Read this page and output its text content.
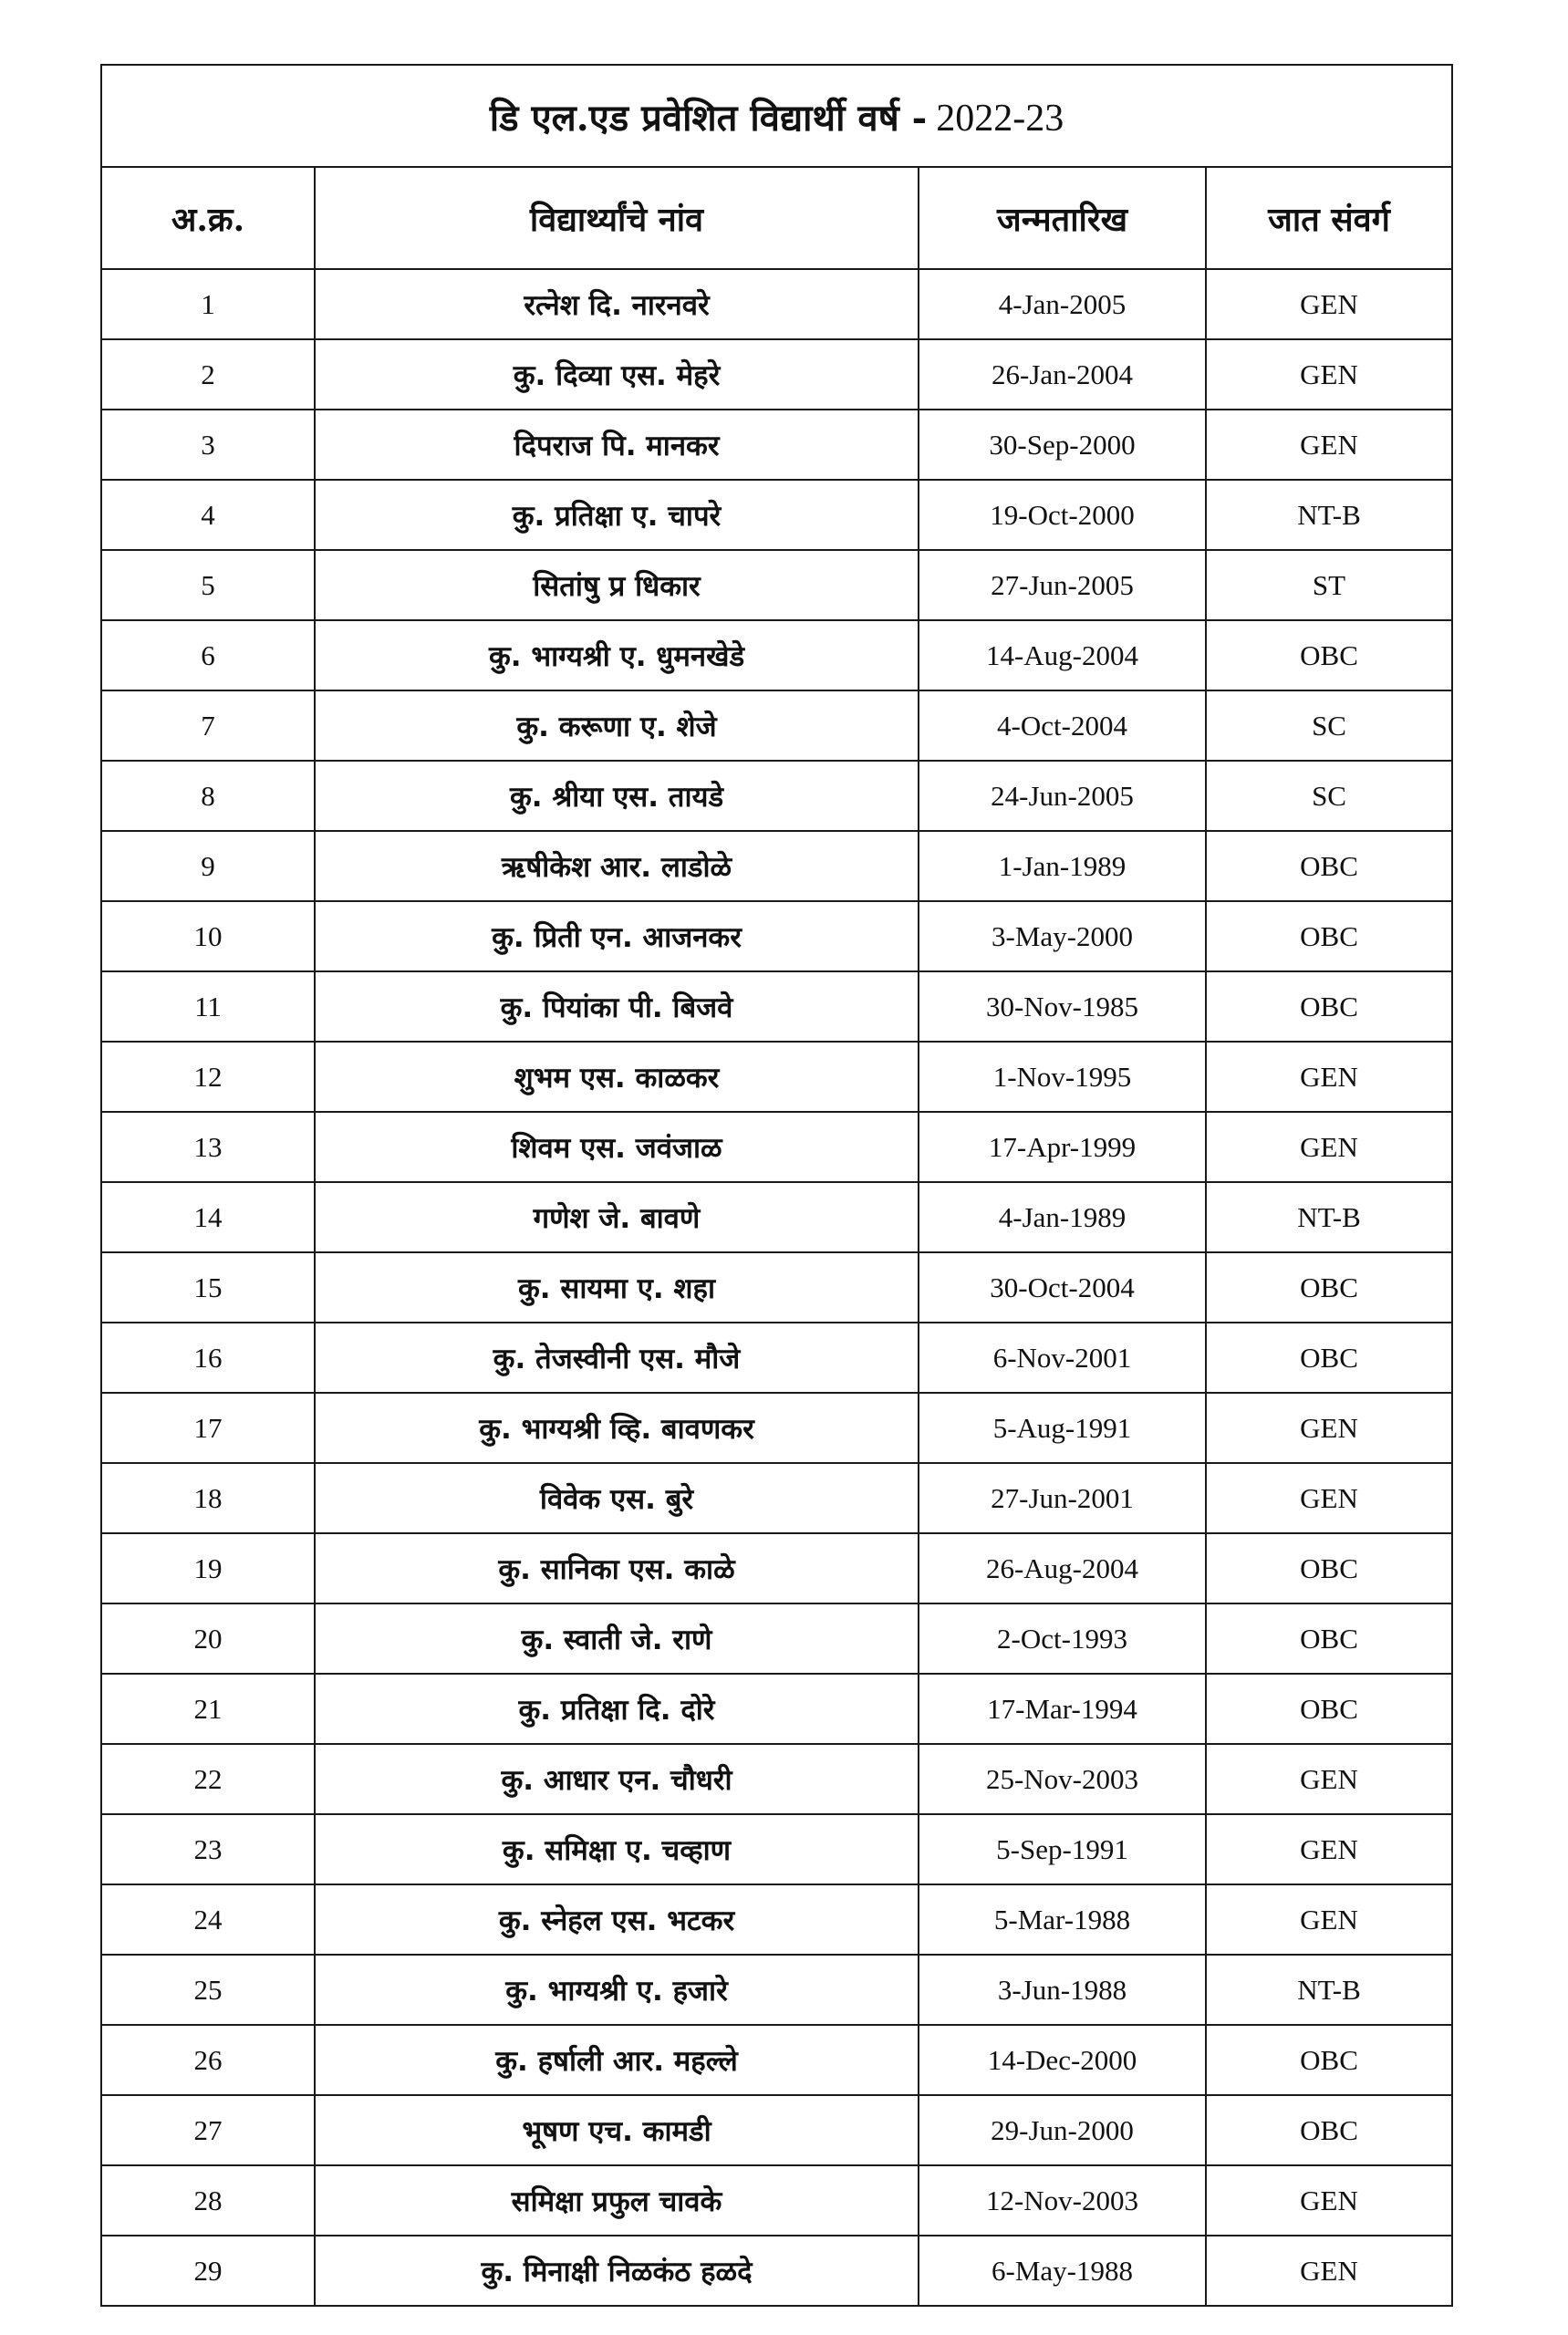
डि एल.एड प्रवेशित विद्यार्थी वर्ष - 2022-23			
अ.क्र.	विद्यार्थ्यांचे नांव	जन्मतारिख	जात संवर्ग
1	रत्नेश दि. नारनवरे	4-Jan-2005	GEN
2	कु. दिव्या एस. मेहरे	26-Jan-2004	GEN
3	दिपराज पि. मानकर	30-Sep-2000	GEN
4	कु. प्रतिक्षा ए. चापरे	19-Oct-2000	NT-B
5	सितांषु प्र धिकार	27-Jun-2005	ST
6	कु. भाग्यश्री ए. धुमनखेडे	14-Aug-2004	OBC
7	कु. करूणा ए. शेजे	4-Oct-2004	SC
8	कु. श्रीया एस. तायडे	24-Jun-2005	SC
9	ऋषीकेश आर. लाडोळे	1-Jan-1989	OBC
10	कु. प्रिती एन. आजनकर	3-May-2000	OBC
11	कु. पियांका पी. बिजवे	30-Nov-1985	OBC
12	शुभम एस. काळकर	1-Nov-1995	GEN
13	शिवम एस. जवंजाळ	17-Apr-1999	GEN
14	गणेश जे. बावणे	4-Jan-1989	NT-B
15	कु. सायमा ए. शहा	30-Oct-2004	OBC
16	कु. तेजस्वीनी एस. मौजे	6-Nov-2001	OBC
17	कु. भाग्यश्री व्हि. बावणकर	5-Aug-1991	GEN
18	विवेक एस. बुरे	27-Jun-2001	GEN
19	कु. सानिका एस. काळे	26-Aug-2004	OBC
20	कु. स्वाती जे. राणे	2-Oct-1993	OBC
21	कु. प्रतिक्षा दि. दोरे	17-Mar-1994	OBC
22	कु. आधार एन. चौधरी	25-Nov-2003	GEN
23	कु. समिक्षा ए. चव्हाण	5-Sep-1991	GEN
24	कु. स्नेहल एस. भटकर	5-Mar-1988	GEN
25	कु. भाग्यश्री ए. हजारे	3-Jun-1988	NT-B
26	कु. हर्षाली आर. महल्ले	14-Dec-2000	OBC
27	भूषण एच. कामडी	29-Jun-2000	OBC
28	समिक्षा प्रफुल चावके	12-Nov-2003	GEN
29	कु. मिनाक्षी निळकंठ हळदे	6-May-1988	GEN
